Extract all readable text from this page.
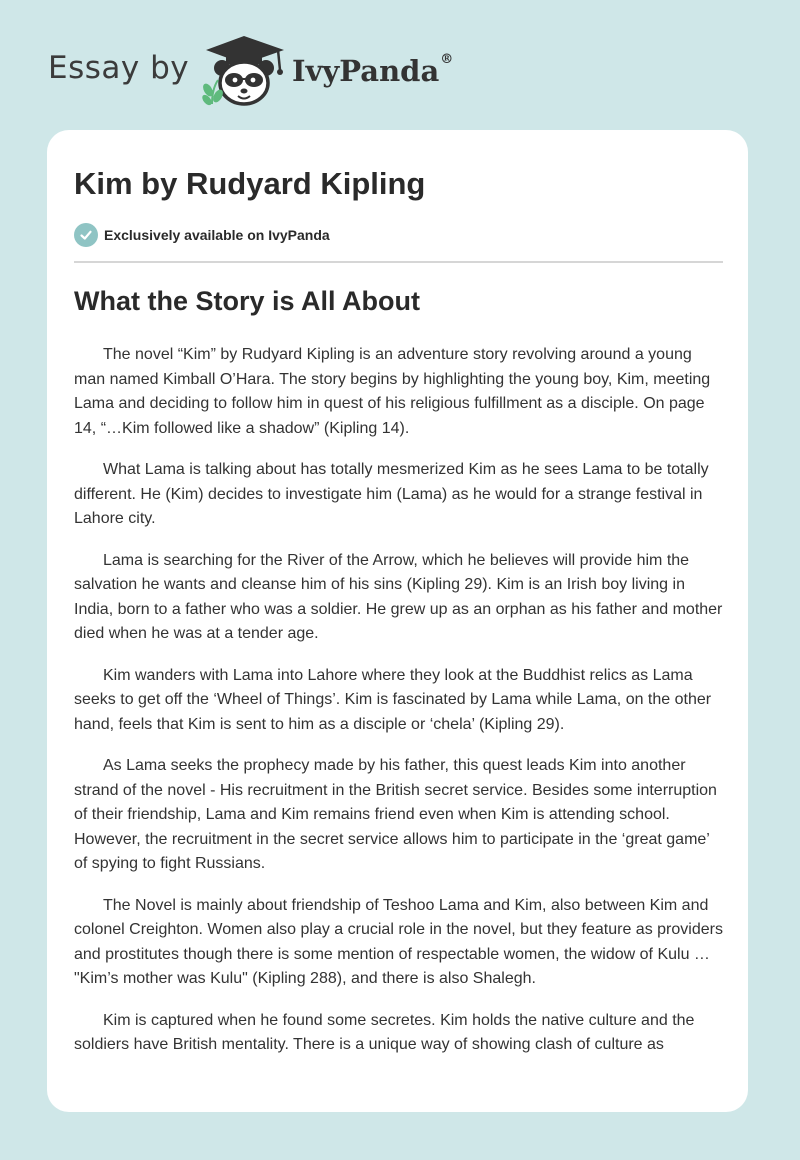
Essay by	IvyPanda®
Kim by Rudyard Kipling
Exclusively available on IvyPanda
What the Story is All About

The novel “Kim” by Rudyard Kipling is an adventure story revolving around a young man named Kimball O’Hara. The story begins by highlighting the young boy, Kim, meeting Lama and deciding to follow him in quest of his religious fulfillment as a disciple. On page 14, “…Kim followed like a shadow” (Kipling 14).

What Lama is talking about has totally mesmerized Kim as he sees Lama to be totally different. He (Kim) decides to investigate him (Lama) as he would for a strange festival in Lahore city.

Lama is searching for the River of the Arrow, which he believes will provide him the salvation he wants and cleanse him of his sins (Kipling 29). Kim is an Irish boy living in India, born to a father who was a soldier. He grew up as an orphan as his father and mother died when he was at a tender age.

Kim wanders with Lama into Lahore where they look at the Buddhist relics as Lama seeks to get off the ‘Wheel of Things’. Kim is fascinated by Lama while Lama, on the other hand, feels that Kim is sent to him as a disciple or ‘chela’ (Kipling 29).

As Lama seeks the prophecy made by his father, this quest leads Kim into another strand of the novel - His recruitment in the British secret service. Besides some interruption of their friendship, Lama and Kim remains friend even when Kim is attending school. However, the recruitment in the secret service allows him to participate in the ‘great game’ of spying to fight Russians.

The Novel is mainly about friendship of Teshoo Lama and Kim, also between Kim and colonel Creighton. Women also play a crucial role in the novel, but they feature as providers and prostitutes though there is some mention of respectable women, the widow of Kulu … "Kim’s mother was Kulu" (Kipling 288), and there is also Shalegh.

Kim is captured when he found some secretes. Kim holds the native culture and the soldiers have British mentality. There is a unique way of showing clash of culture as
